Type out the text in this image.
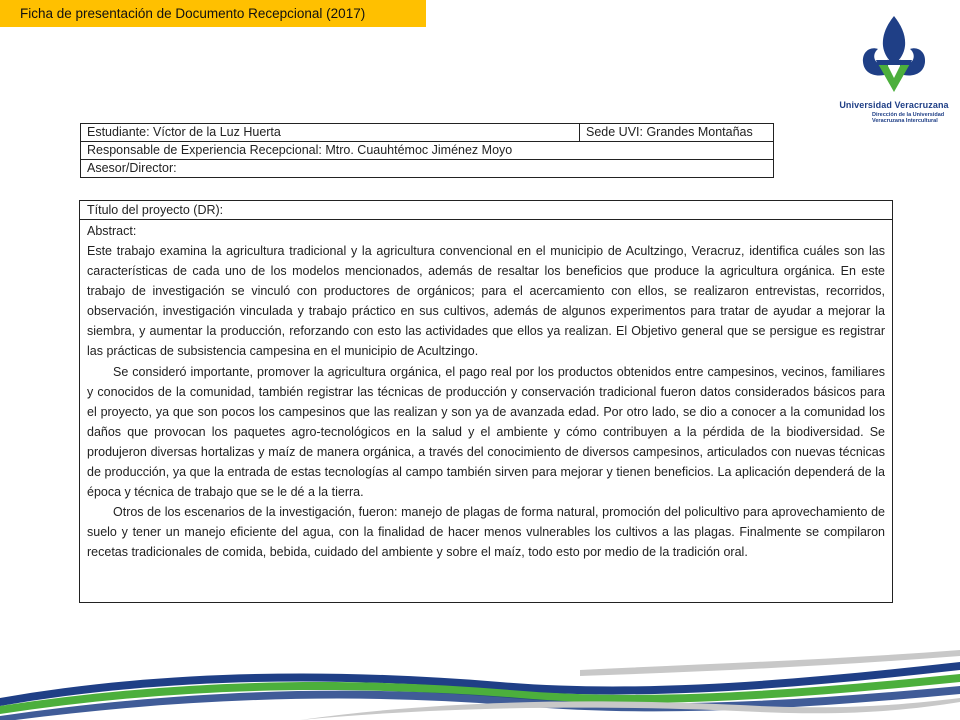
Ficha de presentación de Documento Recepcional (2017)
Universidad Veracruzana
Dirección de la Universidad
Veracruzana Intercultural
Estudiante: Víctor de la Luz Huerta	Sede UVI: Grandes Montañas
Responsable de Experiencia Recepcional: Mtro. Cuauhtémoc Jiménez Moyo
Asesor/Director:
Título del proyecto (DR):
Abstract:

Este trabajo examina la agricultura tradicional y la agricultura convencional en el municipio de Acultzingo, Veracruz, identifica cuáles son las características de cada uno de los modelos mencionados, además de resaltar los beneficios que produce la agricultura orgánica. En este trabajo de investigación se vinculó con productores de orgánicos; para el acercamiento con ellos, se realizaron entrevistas, recorridos, observación, investigación vinculada y trabajo práctico en sus cultivos, además de algunos experimentos para tratar de ayudar a mejorar la siembra, y aumentar la producción, reforzando con esto las actividades que ellos ya realizan. El Objetivo general que se persigue es registrar las prácticas de subsistencia campesina en el municipio de Acultzingo.

Se consideró importante, promover la agricultura orgánica, el pago real por los productos obtenidos entre campesinos, vecinos, familiares y conocidos de la comunidad, también registrar las técnicas de producción y conservación tradicional fueron datos considerados básicos para el proyecto, ya que son pocos los campesinos que las realizan y son ya de avanzada edad. Por otro lado, se dio a conocer a la comunidad los daños que provocan los paquetes agro-tecnológicos en la salud y el ambiente y cómo contribuyen a la pérdida de la biodiversidad. Se produjeron diversas hortalizas y maíz de manera orgánica, a través del conocimiento de diversos campesinos, articulados con nuevas técnicas de producción, ya que la entrada de estas tecnologías al campo también sirven para mejorar y tienen beneficios. La aplicación dependerá de la época y técnica de trabajo que se le dé a la tierra.

Otros de los escenarios de la investigación, fueron: manejo de plagas de forma natural, promoción del policultivo para aprovechamiento de suelo y tener un manejo eficiente del agua, con la finalidad de hacer menos vulnerables los cultivos a las plagas. Finalmente se compilaron recetas tradicionales de comida, bebida, cuidado del ambiente y sobre el maíz, todo esto por medio de la tradición oral.
